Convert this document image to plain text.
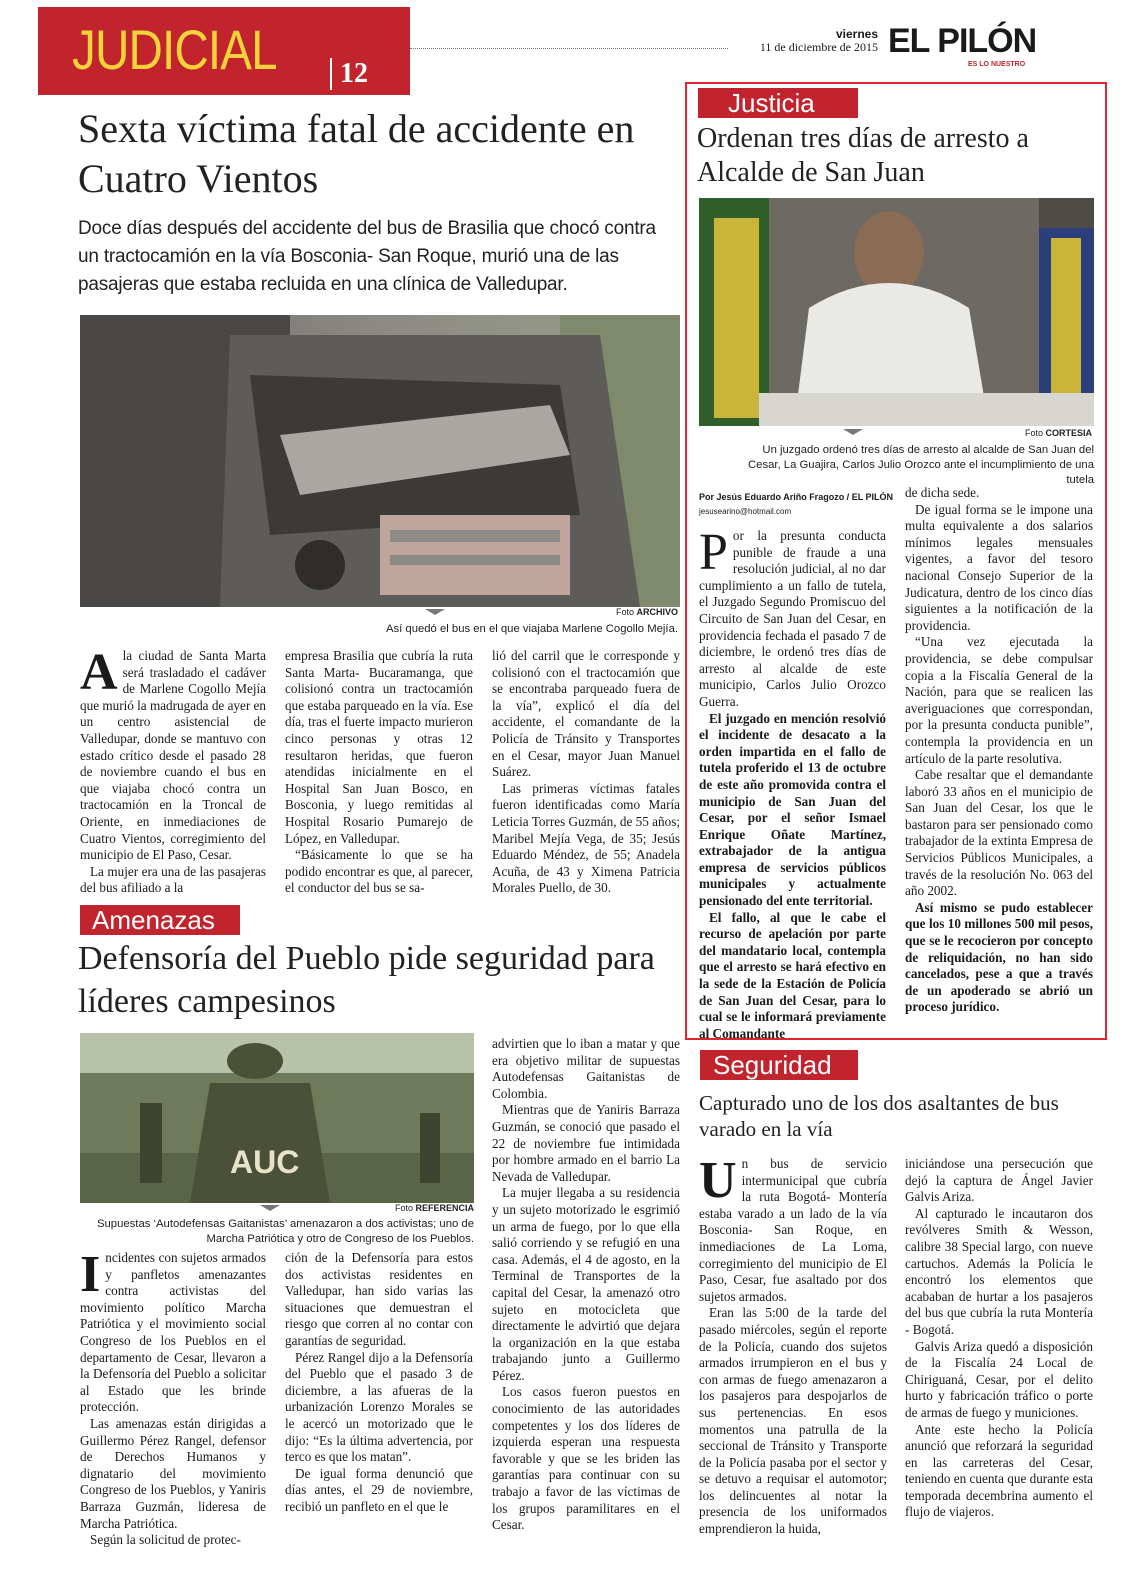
JUDICIAL 12
viernes
11 de diciembre de 2015 EL PILÓN
ES LO NUESTRO
Sexta víctima fatal de accidente en Cuatro Vientos
Doce días después del accidente del bus de Brasilia que chocó contra un tractocamión en la vía Bosconia- San Roque, murió una de las pasajeras que estaba recluida en una clínica de Valledupar.
Foto ARCHIVO
Así quedó el bus en el que viajaba Marlene Cogollo Mejía.
A la ciudad de Santa Marta será trasladado el cadáver de Marlene Cogollo Mejía que murió la madrugada de ayer en un centro asistencial de Valledupar, donde se mantuvo con estado crítico desde el pasado 28 de noviembre cuando el bus en que viajaba chocó contra un tractocamión en la Troncal de Oriente, en inmediaciones de Cuatro Vientos, corregimiento del municipio de El Paso, Cesar.

La mujer era una de las pasajeras del bus afiliado a la

empresa Brasilia que cubría la ruta Santa Marta- Bucaramanga, que colisionó contra un tractocamión que estaba parqueado en la vía. Ese día, tras el fuerte impacto murieron cinco personas y otras 12 resultaron heridas, que fueron atendidas inicialmente en el Hospital San Juan Bosco, en Bosconia, y luego remitidas al Hospital Rosario Pumarejo de López, en Valledupar.

“Básicamente lo que se ha podido encontrar es que, al parecer, el conductor del bus se sa-

lió del carril que le corresponde y colisionó con el tractocamión que se encontraba parqueado fuera de la vía”, explicó el día del accidente, el comandante de la Policía de Tránsito y Transportes en el Cesar, mayor Juan Manuel Suárez.

Las primeras víctimas fatales fueron identificadas como María Leticia Torres Guzmán, de 55 años; Maribel Mejía Vega, de 35; Jesús Eduardo Méndez, de 55; Anadela Acuña, de 43 y Ximena Patricia Morales Puello, de 30.

Justicia
Ordenan tres días de arresto a Alcalde de San Juan
Foto CORTESIA
Un juzgado ordenó tres días de arresto al alcalde de San Juan del Cesar, La Guajira, Carlos Julio Orozco ante el incumplimiento de una tutela
Por Jesús Eduardo Ariño Fragozo / EL PILÓN
jesusearino@hotmail.com
P or la presunta conducta punible de fraude a una resolución judicial, al no dar cumplimiento a un fallo de tutela, el Juzgado Segundo Promiscuo del Circuito de San Juan del Cesar, en providencia fechada el pasado 7 de diciembre, le ordenó tres días de arresto al alcalde de este municipio, Carlos Julio Orozco Guerra.

El juzgado en mención resolvió el incidente de desacato a la orden impartida en el fallo de tutela proferido el 13 de octubre de este año promovida contra el municipio de San Juan del Cesar, por el señor Ismael Enrique Oñate Martínez, extrabajador de la antigua empresa de servicios públicos municipales y actualmente pensionado del ente territorial.

El fallo, al que le cabe el recurso de apelación por parte del mandatario local, contempla que el arresto se hará efectivo en la sede de la Estación de Policía de San Juan del Cesar, para lo cual se le informará previamente al Comandante

de dicha sede.

De igual forma se le impone una multa equivalente a dos salarios mínimos legales mensuales vigentes, a favor del tesoro nacional Consejo Superior de la Judicatura, dentro de los cinco días siguientes a la notificación de la providencia.

“Una vez ejecutada la providencia, se debe compulsar copia a la Fiscalía General de la Nación, para que se realicen las averiguaciones que correspondan, por la presunta conducta punible”, contempla la providencia en un artículo de la parte resolutiva.

Cabe resaltar que el demandante laboró 33 años en el municipio de San Juan del Cesar, los que le bastaron para ser pensionado como trabajador de la extinta Empresa de Servicios Públicos Municipales, a través de la resolución No. 063 del año 2002.

Así mismo se pudo establecer que los 10 millones 500 mil pesos, que se le recocieron por concepto de reliquidación, no han sido cancelados, pese a que a través de un apoderado se abrió un proceso jurídico.

Amenazas
Defensoría del Pueblo pide seguridad para líderes campesinos
AUC
Foto REFERENCIA
Supuestas ‘Autodefensas Gaitanistas’ amenazaron a dos activistas; uno de Marcha Patriótica y otro de Congreso de los Pueblos.
I ncidentes con sujetos armados y panfletos amenazantes contra activistas del movimiento político Marcha Patriótica y el movimiento social Congreso de los Pueblos en el departamento de Cesar, llevaron a la Defensoría del Pueblo a solicitar al Estado que les brinde protección.

Las amenazas están dirigidas a Guillermo Pérez Rangel, defensor de Derechos Humanos y dignatario del movimiento Congreso de los Pueblos, y Yaniris Barraza Guzmán, lideresa de Marcha Patriótica.

Según la solicitud de protec-

ción de la Defensoría para estos dos activistas residentes en Valledupar, han sido varias las situaciones que demuestran el riesgo que corren al no contar con garantías de seguridad.

Pérez Rangel dijo a la Defensoría del Pueblo que el pasado 3 de diciembre, a las afueras de la urbanización Lorenzo Morales se le acercó un motorizado que le dijo: “Es la última advertencia, por terco es que los matan”.

De igual forma denunció que días antes, el 29 de noviembre, recibió un panfleto en el que le

advirtien que lo iban a matar y que era objetivo militar de supuestas Autodefensas Gaitanistas de Colombia.

Mientras que de Yaniris Barraza Guzmán, se conoció que pasado el 22 de noviembre fue intimidada por hombre armado en el barrio La Nevada de Valledupar.

La mujer llegaba a su residencia y un sujeto motorizado le esgrimió un arma de fuego, por lo que ella salió corriendo y se refugió en una casa. Además, el 4 de agosto, en la Terminal de Transportes de la capital del Cesar, la amenazó otro sujeto en motocicleta que directamente le advirtió que dejara la organización en la que estaba trabajando junto a Guillermo Pérez.

Los casos fueron puestos en conocimiento de las autoridades competentes y los dos líderes de izquierda esperan una respuesta favorable y que se les briden las garantías para continuar con su trabajo a favor de las víctimas de los grupos paramilitares en el Cesar.

Seguridad
Capturado uno de los dos asaltantes de bus varado en la vía
U n bus de servicio intermunicipal que cubría la ruta Bogotá- Montería estaba varado a un lado de la vía Bosconia- San Roque, en inmediaciones de La Loma, corregimiento del municipio de El Paso, Cesar, fue asaltado por dos sujetos armados.

Eran las 5:00 de la tarde del pasado miércoles, según el reporte de la Policía, cuando dos sujetos armados irrumpieron en el bus y con armas de fuego amenazaron a los pasajeros para despojarlos de sus pertenencias. En esos momentos una patrulla de la seccional de Tránsito y Transporte de la Policía pasaba por el sector y se detuvo a requisar el automotor; los delincuentes al notar la presencia de los uniformados emprendieron la huida,

iniciándose una persecución que dejó la captura de Ángel Javier Galvis Ariza.

Al capturado le incautaron dos revólveres Smith & Wesson, calibre 38 Special largo, con nueve cartuchos. Además la Policía le encontró los elementos que acababan de hurtar a los pasajeros del bus que cubría la ruta Montería - Bogotá.

Galvis Ariza quedó a disposición de la Fiscalía 24 Local de Chiriguaná, Cesar, por el delito hurto y fabricación tráfico o porte de armas de fuego y municiones.

Ante este hecho la Policía anunció que reforzará la seguridad en las carreteras del Cesar, teniendo en cuenta que durante esta temporada decembrina aumento el flujo de viajeros.
